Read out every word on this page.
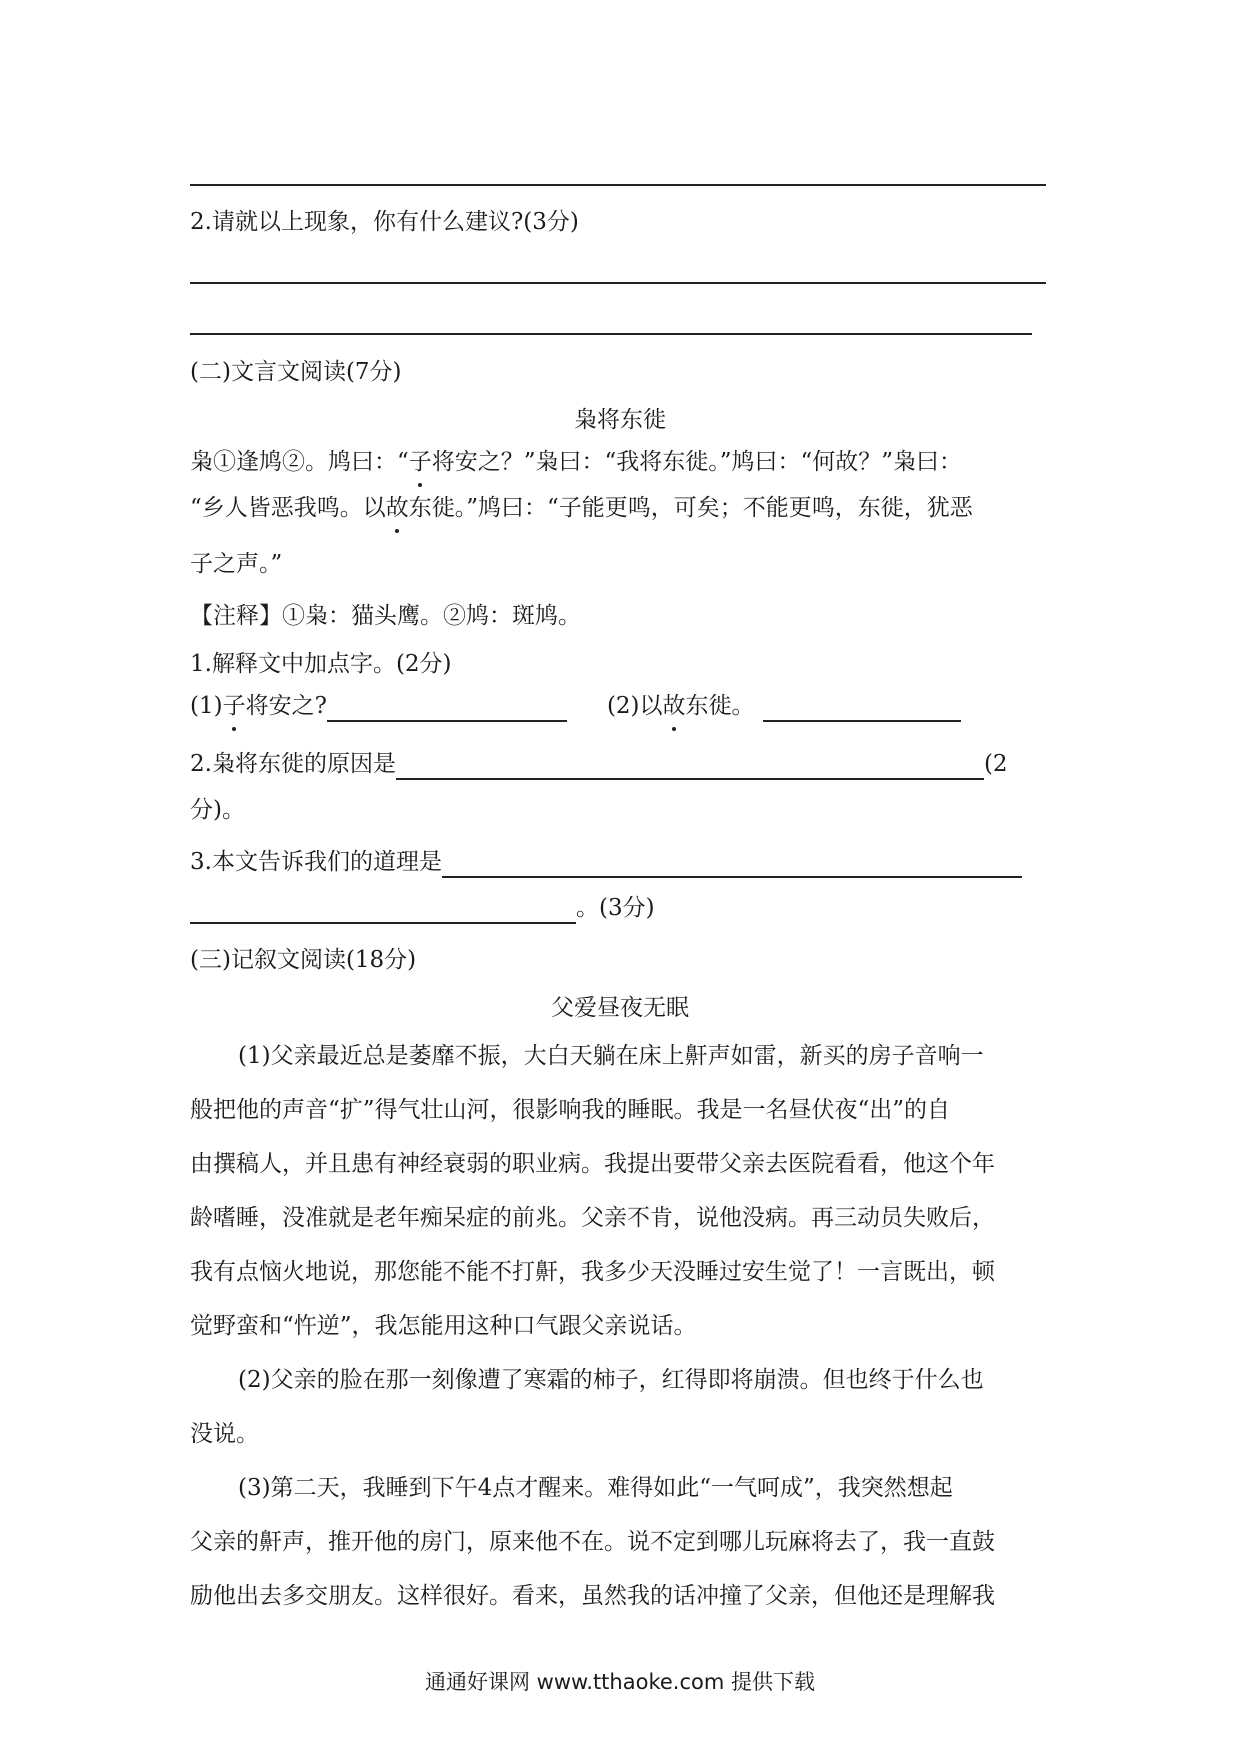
2.请就以上现象，你有什么建议?(3分)
(二)文言文阅读(7分)
枭将东徙
枭①逢鸠②。鸠曰：“子将安之？”枭曰：“我将东徙。”鸠曰：“何故？”枭曰：
“乡人皆恶我鸣。以故东徙。”鸠曰：“子能更鸣，可矣；不能更鸣，东徙，犹恶
子之声。”
【注释】①枭：猫头鹰。②鸠：斑鸠。
1.解释文中加点字。(2分)
(1)子将安之?	(2)以故东徙。
2.枭将东徙的原因是	(2
分)。
3.本文告诉我们的道理是
。(3分)
(三)记叙文阅读(18分)
父爱昼夜无眠
(1)父亲最近总是萎靡不振，大白天躺在床上鼾声如雷，新买的房子音响一
般把他的声音“扩”得气壮山河，很影响我的睡眠。我是一名昼伏夜“出”的自
由撰稿人，并且患有神经衰弱的职业病。我提出要带父亲去医院看看，他这个年
龄嗜睡，没准就是老年痴呆症的前兆。父亲不肯，说他没病。再三动员失败后，
我有点恼火地说，那您能不能不打鼾，我多少天没睡过安生觉了！一言既出，顿
觉野蛮和“忤逆”，我怎能用这种口气跟父亲说话。
(2)父亲的脸在那一刻像遭了寒霜的柿子，红得即将崩溃。但也终于什么也
没说。
(3)第二天，我睡到下午4点才醒来。难得如此“一气呵成”，我突然想起
父亲的鼾声，推开他的房门，原来他不在。说不定到哪儿玩麻将去了，我一直鼓
励他出去多交朋友。这样很好。看来，虽然我的话冲撞了父亲，但他还是理解我
通通好课网 www.tthaoke.com 提供下载
